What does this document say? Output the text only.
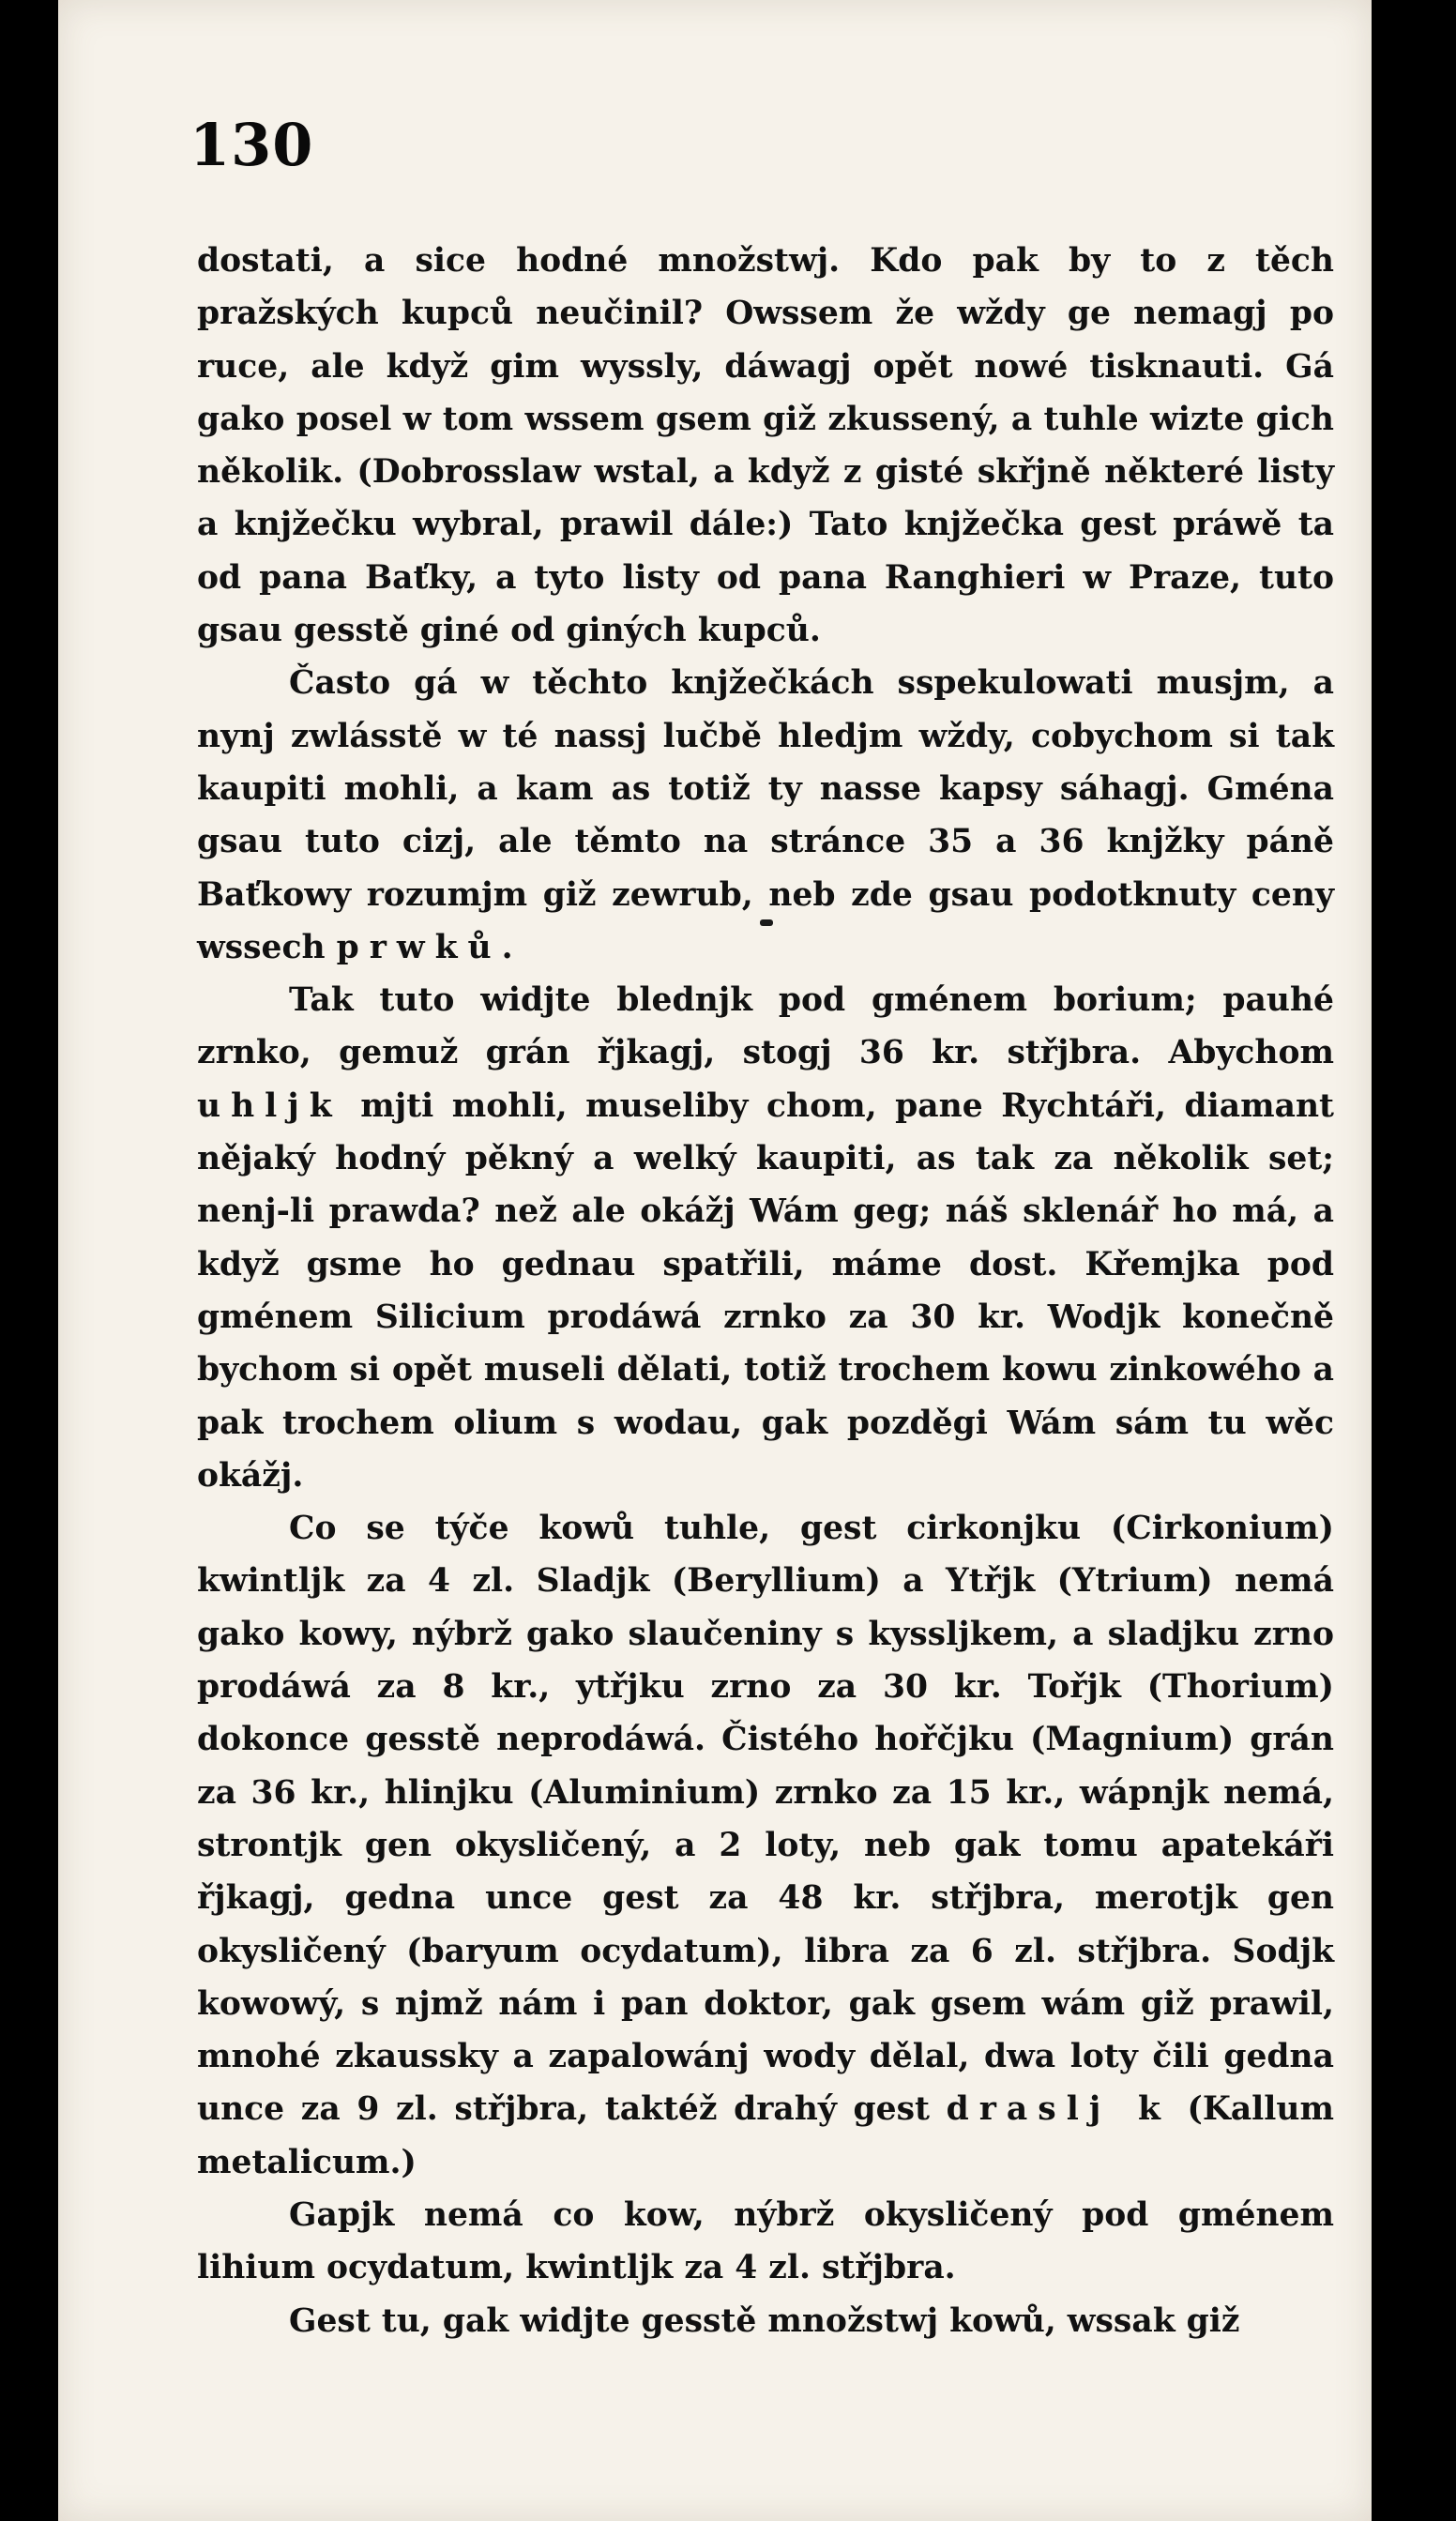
130

dostati, a sice hodné množstwj. Kdo pak by to z těch pražských kupců neučinil? Owssem že wždy ge nemagj po ruce, ale když gim wyssly, dáwagj opět nowé tisknauti. Gá gako posel w tom wssem gsem giž zkussený, a tuhle wizte gich několik. (Dobrosslaw wstal, a když z gisté skřjně některé listy a knjžečku wybral, prawil dále:) Tato knjžečka gest práwě ta od pana Baťky, a tyto listy od pana Ranghieri w Praze, tuto gsau gesstě giné od giných kupců.

Často gá w těchto knjžečkách sspekulowati musjm, a nynj zwlásstě w té nassj lučbě hledjm wždy, cobychom si tak kaupiti mohli, a kam as totiž ty nasse kapsy sáhagj. Gména gsau tuto cizj, ale těmto na stránce 35 a 36 knjžky páně Baťkowy rozumjm giž zewrub, neb zde gsau podotknuty ceny wssech prwků.

Tak tuto widjte blednjk pod gménem borium; pauhé zrnko, gemuž grán řjkagj, stogj 36 kr. střjbra. Abychom uhljk mjti mohli, museliby chom, pane Rychtáři, diamant nějaký hodný pěkný a welký kaupiti, as tak za několik set; nenj-li prawda? než ale okážj Wám geg; náš sklenář ho má, a když gsme ho gednau spatřili, máme dost. Křemjka pod gménem Silicium prodáwá zrnko za 30 kr. Wodjk konečně bychom si opět museli dělati, totiž trochem kowu zinkowého a pak trochem olium s wodau, gak pozděgi Wám sám tu wěc okážj.

Co se týče kowů tuhle, gest cirkonjku (Cirkonium) kwintljk za 4 zl. Sladjk (Beryllium) a Ytřjk (Ytrium) nemá gako kowy, nýbrž gako slaučeniny s kyssljkem, a sladjku zrno prodáwá za 8 kr., ytřjku zrno za 30 kr. Tořjk (Thorium) dokonce gesstě neprodáwá. Čistého hořčjku (Magnium) grán za 36 kr., hlinjku (Aluminium) zrnko za 15 kr., wápnjk nemá, strontjk gen okysličený, a 2 loty, neb gak tomu apatekáři řjkagj, gedna unce gest za 48 kr. střjbra, merotjk gen okysličený (baryum ocydatum), libra za 6 zl. střjbra. Sodjk kowowý, s njmž nám i pan doktor, gak gsem wám giž prawil, mnohé zkaussky a zapalowánj wody dělal, dwa loty čili gedna unce za 9 zl. střjbra, taktéž drahý gest draslj k (Kallum metalicum.)

Gapjk nemá co kow, nýbrž okysličený pod gménem lihium ocydatum, kwintljk za 4 zl. střjbra.

Gest tu, gak widjte gesstě množstwj kowů, wssak giž
